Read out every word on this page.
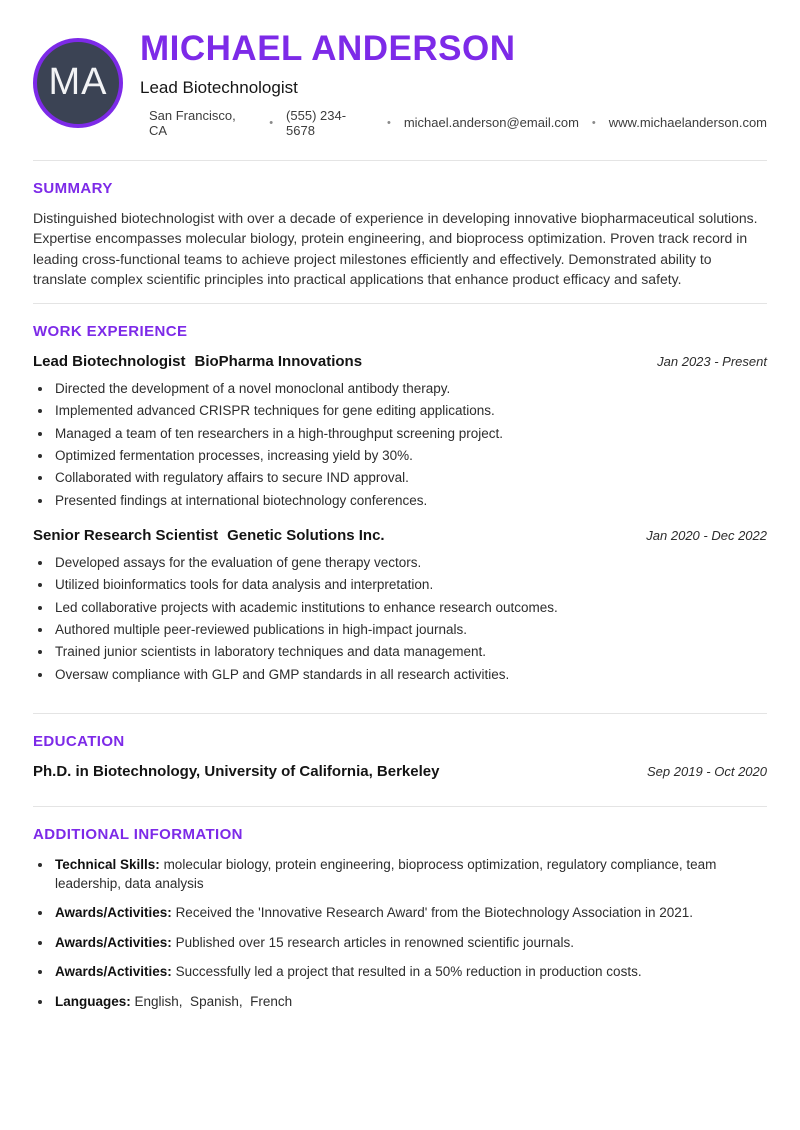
MA
MICHAEL ANDERSON
Lead Biotechnologist
San Francisco, CA	• (555) 234-5678	• michael.anderson@email.com • www.michaelanderson.com
SUMMARY

Distinguished biotechnologist with over a decade of experience in developing innovative biopharmaceutical solutions. Expertise encompasses molecular biology, protein engineering, and bioprocess optimization. Proven track record in leading cross-functional teams to achieve project milestones efficiently and effectively. Demonstrated ability to translate complex scientific principles into practical applications that enhance product efficacy and safety.

WORK EXPERIENCE
Lead Biotechnologist BioPharma Innovations	Jan 2023 - Present
• Directed the development of a novel monoclonal antibody therapy.
• Implemented advanced CRISPR techniques for gene editing applications.
• Managed a team of ten researchers in a high-throughput screening project.
• Optimized fermentation processes, increasing yield by 30%.
• Collaborated with regulatory affairs to secure IND approval.
• Presented findings at international biotechnology conferences.
Senior Research Scientist Genetic Solutions Inc.	Jan 2020 - Dec 2022
• Developed assays for the evaluation of gene therapy vectors.
• Utilized bioinformatics tools for data analysis and interpretation.
• Led collaborative projects with academic institutions to enhance research outcomes.
• Authored multiple peer-reviewed publications in high-impact journals.
• Trained junior scientists in laboratory techniques and data management.
• Oversaw compliance with GLP and GMP standards in all research activities.
EDUCATION
Ph.D. in Biotechnology, University of California, Berkeley	Sep 2019 - Oct 2020
ADDITIONAL INFORMATION
• Technical Skills: molecular biology, protein engineering, bioprocess optimization, regulatory compliance, team leadership, data analysis
• Awards/Activities: Received the 'Innovative Research Award' from the Biotechnology Association in 2021.
• Awards/Activities: Published over 15 research articles in renowned scientific journals.
• Awards/Activities: Successfully led a project that resulted in a 50% reduction in production costs.
• Languages: English,  Spanish,  French
